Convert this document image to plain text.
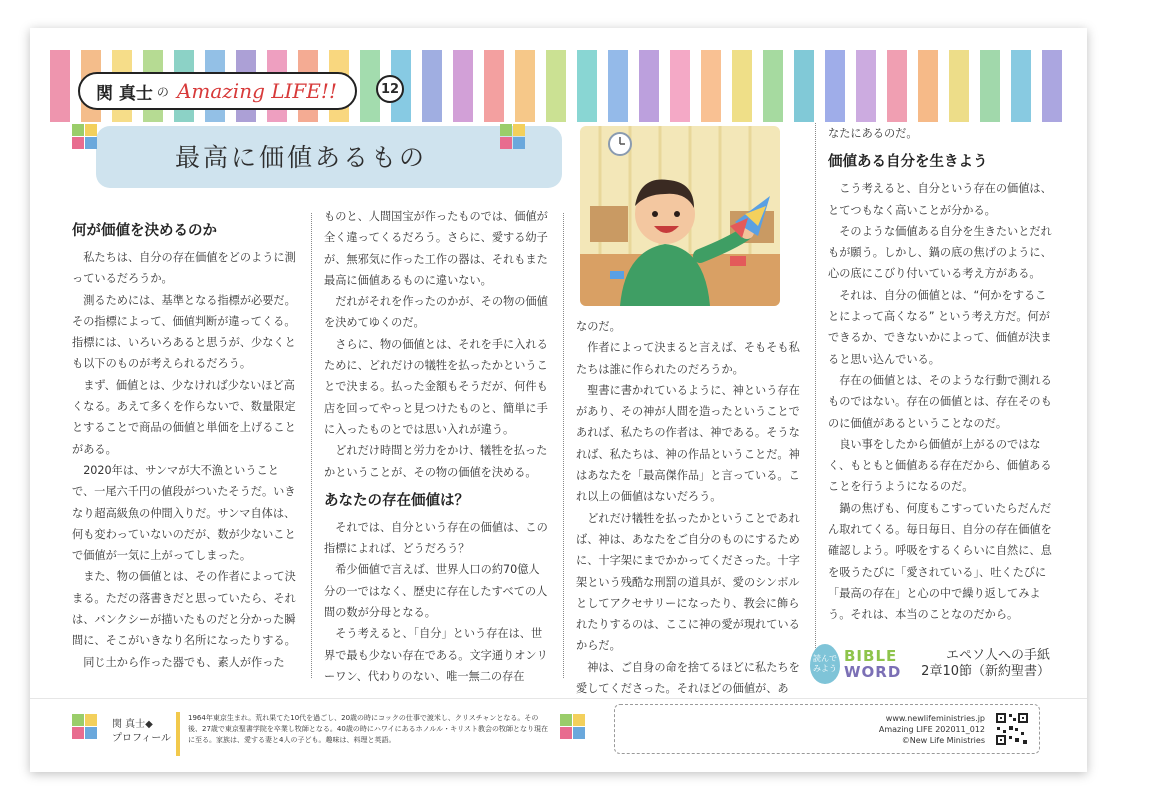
関 真士 の Amazing LIFE!!	12
最高に価値あるもの
何が価値を決めるのか

私たちは、自分の存在価値をどのように測っているだろうか。

測るためには、基準となる指標が必要だ。その指標によって、価値判断が違ってくる。指標には、いろいろあると思うが、少なくとも以下のものが考えられるだろう。

まず、価値とは、少なければ少ないほど高くなる。あえて多くを作らないで、数量限定とすることで商品の価値と単価を上げることがある。

2020年は、サンマが大不漁ということで、一尾六千円の値段がついたそうだ。いきなり超高級魚の仲間入りだ。サンマ自体は、何も変わっていないのだが、数が少ないことで価値が一気に上がってしまった。

また、物の価値とは、その作者によって決まる。ただの落書きだと思っていたら、それは、バンクシーが描いたものだと分かった瞬間に、そこがいきなり名所になったりする。

同じ土から作った器でも、素人が作った

ものと、人間国宝が作ったものでは、価値が全く違ってくるだろう。さらに、愛する幼子が、無邪気に作った工作の器は、それもまた最高に価値あるものに違いない。

だれがそれを作ったのかが、その物の価値を決めてゆくのだ。

さらに、物の価値とは、それを手に入れるために、どれだけの犠牲を払ったかということで決まる。払った金額もそうだが、何件も店を回ってやっと見つけたものと、簡単に手に入ったものとでは思い入れが違う。

どれだけ時間と労力をかけ、犠牲を払ったかということが、その物の価値を決める。

あなたの存在価値は？

それでは、自分という存在の価値は、この指標によれば、どうだろう？

希少価値で言えば、世界人口の約70億人分の一ではなく、歴史に存在したすべての人間の数が分母となる。

そう考えると、「自分」という存在は、世界で最も少ない存在である。文字通りオンリーワン、代わりのない、唯一無二の存在

なのだ。

作者によって決まると言えば、そもそも私たちは誰に作られたのだろうか。

聖書に書かれているように、神という存在があり、その神が人間を造ったということであれば、私たちの作者は、神である。そうなれば、私たちは、神の作品ということだ。神はあなたを「最高傑作品」と言っている。これ以上の価値はないだろう。

どれだけ犠牲を払ったかということであれば、神は、あなたをご自分のものにするために、十字架にまでかかってくださった。十字架という残酷な刑罰の道具が、愛のシンボルとしてアクセサリーになったり、教会に飾られたりするのは、ここに神の愛が現れているからだ。

神は、ご自身の命を捨てるほどに私たちを愛してくださった。それほどの価値が、あ

なたにあるのだ。

価値ある自分を生きよう

こう考えると、自分という存在の価値は、とてつもなく高いことが分かる。

そのような価値ある自分を生きたいとだれもが願う。しかし、鍋の底の焦げのように、心の底にこびり付いている考え方がある。

それは、自分の価値とは、“何かをすることによって高くなる” という考え方だ。何ができるか、できないかによって、価値が決まると思い込んでいる。

存在の価値とは、そのような行動で測れるものではない。存在の価値とは、存在そのものに価値があるということなのだ。

良い事をしたから価値が上がるのではなく、もともと価値ある存在だから、価値あることを行うようになるのだ。

鍋の焦げも、何度もこすっていたらだんだん取れてくる。毎日毎日、自分の存在価値を確認しよう。呼吸をするくらいに自然に、息を吸うたびに「愛されている」、吐くたびに「最高の存在」と心の中で繰り返してみよう。それは、本当のことなのだから。

読んでみよう
BIBLE
WORD
エペソ人への手紙
2章10節（新約聖書）
関 真士◆
プロフィール
1964年東京生まれ。荒れ果てた10代を過ごし、20歳の時にコックの仕事で渡米し、クリスチャンとなる。その後、27歳で東京聖書学院を卒業し牧師となる。40歳の時にハワイにあるホノルル・キリスト教会の牧師となり現在に至る。家族は、愛する妻と4人の子ども。趣味は、料理と英語。
www.newlifeministries.jp
Amazing LIFE 202011_012
©New Life Ministries
